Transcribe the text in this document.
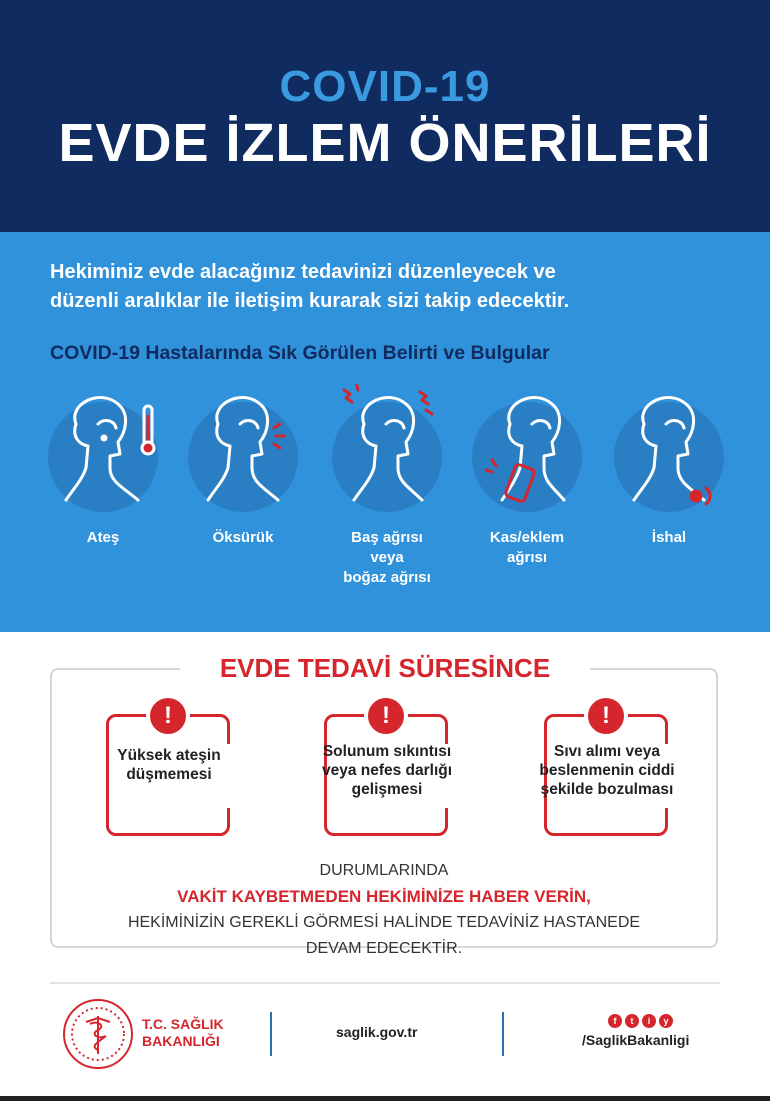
COVID-19
EVDE İZLEM ÖNERİLERİ
Hekiminiz evde alacağınız tedavinizi düzenleyecek ve
düzenli aralıklar ile iletişim kurarak sizi takip edecektir.
COVID-19 Hastalarında Sık Görülen Belirti ve Bulgular
Ateş	Öksürük	Baş ağrısı
veya
boğaz ağrısı
Kas/eklem
ağrısı
İshal
EVDE TEDAVİ SÜRESİNCE
!
Yüksek ateşin
düşmemesi
!
Solunum sıkıntısı
veya nefes darlığı
gelişmesi
!
Sıvı alımı veya
beslenmenin ciddi
şekilde bozulması
DURUMLARINDA
VAKİT KAYBETMEDEN HEKİMİNİZE HABER VERİN,
HEKİMİNİZİN GEREKLİ GÖRMESİ HALİNDE TEDAVİNİZ HASTANEDE
DEVAM EDECEKTİR.
T.C. SAĞLIK
BAKANLIĞI
saglik.gov.tr
f	t	i	y
/SaglikBakanligi
